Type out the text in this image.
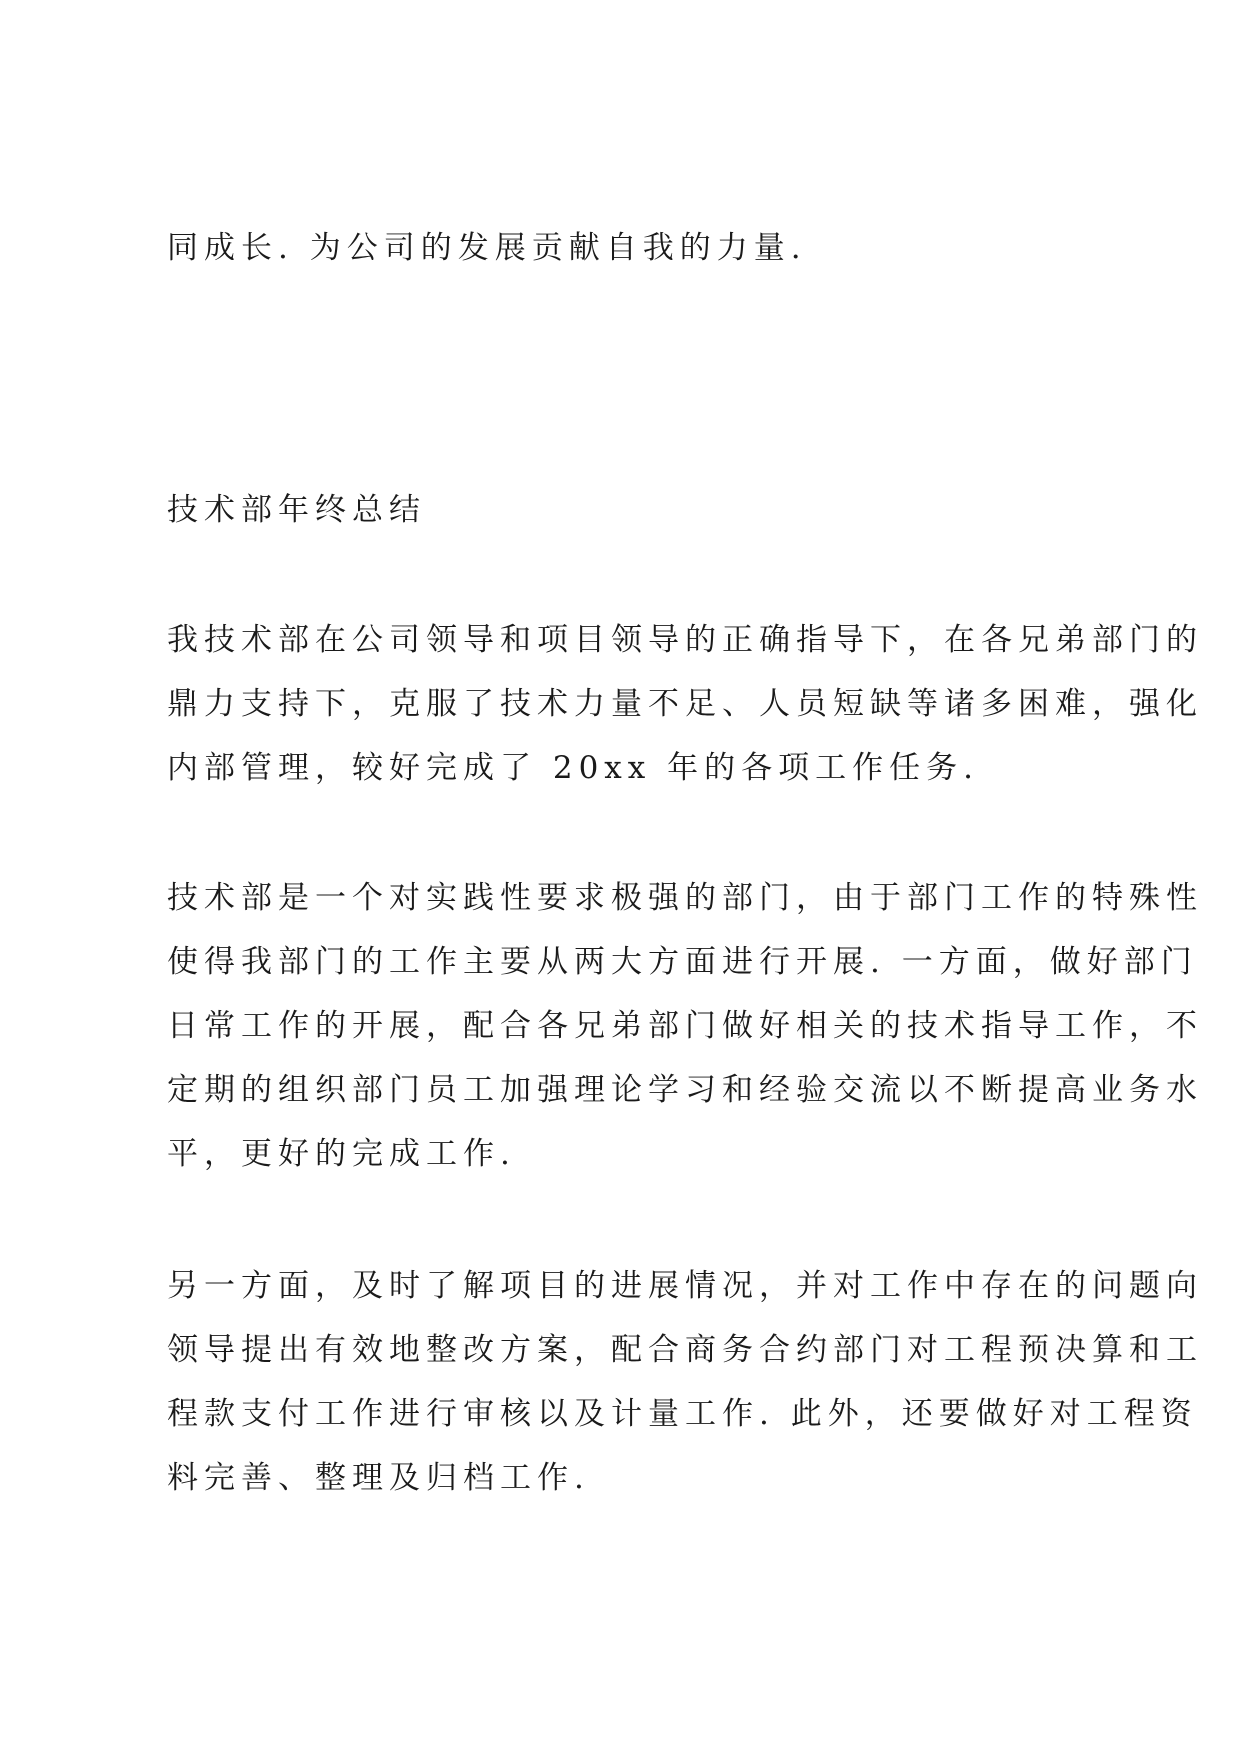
同成长. 为公司的发展贡献自我的力量.
技术部年终总结
我技术部在公司领导和项目领导的正确指导下，在各兄弟部门的
鼎力支持下，克服了技术力量不足、人员短缺等诸多困难，强化
内部管理，较好完成了 20xx 年的各项工作任务.
技术部是一个对实践性要求极强的部门，由于部门工作的特殊性
使得我部门的工作主要从两大方面进行开展. 一方面，做好部门
日常工作的开展，配合各兄弟部门做好相关的技术指导工作，不
定期的组织部门员工加强理论学习和经验交流以不断提高业务水
平，更好的完成工作.
另一方面，及时了解项目的进展情况，并对工作中存在的问题向
领导提出有效地整改方案，配合商务合约部门对工程预决算和工
程款支付工作进行审核以及计量工作. 此外，还要做好对工程资
料完善、整理及归档工作.
